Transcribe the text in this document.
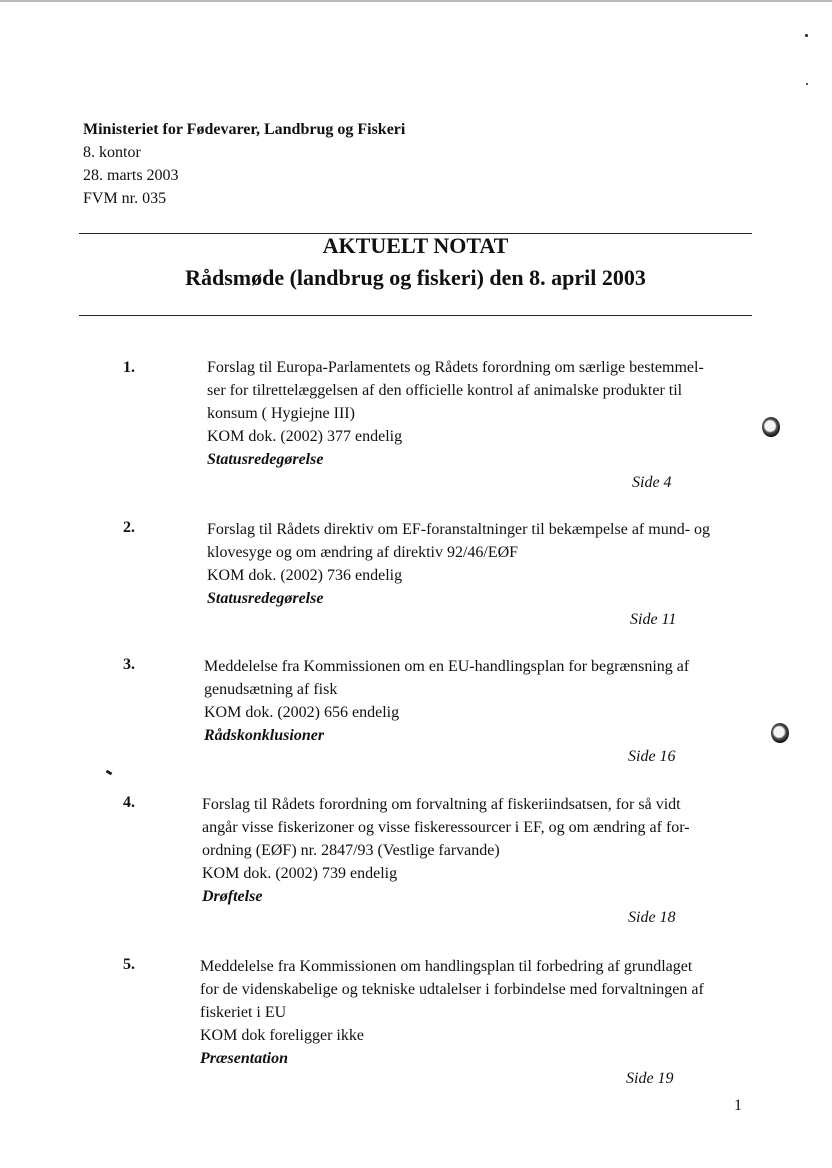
Ministeriet for Fødevarer, Landbrug og Fiskeri
8. kontor
28. marts 2003
FVM nr. 035
AKTUELT NOTAT
Rådsmøde (landbrug og fiskeri) den 8. april 2003
1.	Forslag til Europa-Parlamentets og Rådets forordning om særlige bestemmel-
ser for tilrettelæggelsen af den officielle kontrol af animalske produkter til
konsum ( Hygiejne III)
KOM dok. (2002) 377 endelig
Statusredegørelse
Side 4
2.	Forslag til Rådets direktiv om EF-foranstaltninger til bekæmpelse af mund- og
klovesyge og om ændring af direktiv 92/46/EØF
KOM dok. (2002) 736 endelig
Statusredegørelse
Side 11
3.	Meddelelse fra Kommissionen om en EU-handlingsplan for begrænsning af
genudsætning af fisk
KOM dok. (2002) 656 endelig
Rådskonklusioner
Side 16
4.	Forslag til Rådets forordning om forvaltning af fiskeriindsatsen, for så vidt
angår visse fiskerizoner og visse fiskeressourcer i EF, og om ændring af for-
ordning (EØF) nr. 2847/93 (Vestlige farvande)
KOM dok. (2002) 739 endelig
Drøftelse
Side 18
5.	Meddelelse fra Kommissionen om handlingsplan til forbedring af grundlaget
for de videnskabelige og tekniske udtalelser i forbindelse med forvaltningen af
fiskeriet i EU
KOM dok foreligger ikke
Præsentation
Side 19
1
